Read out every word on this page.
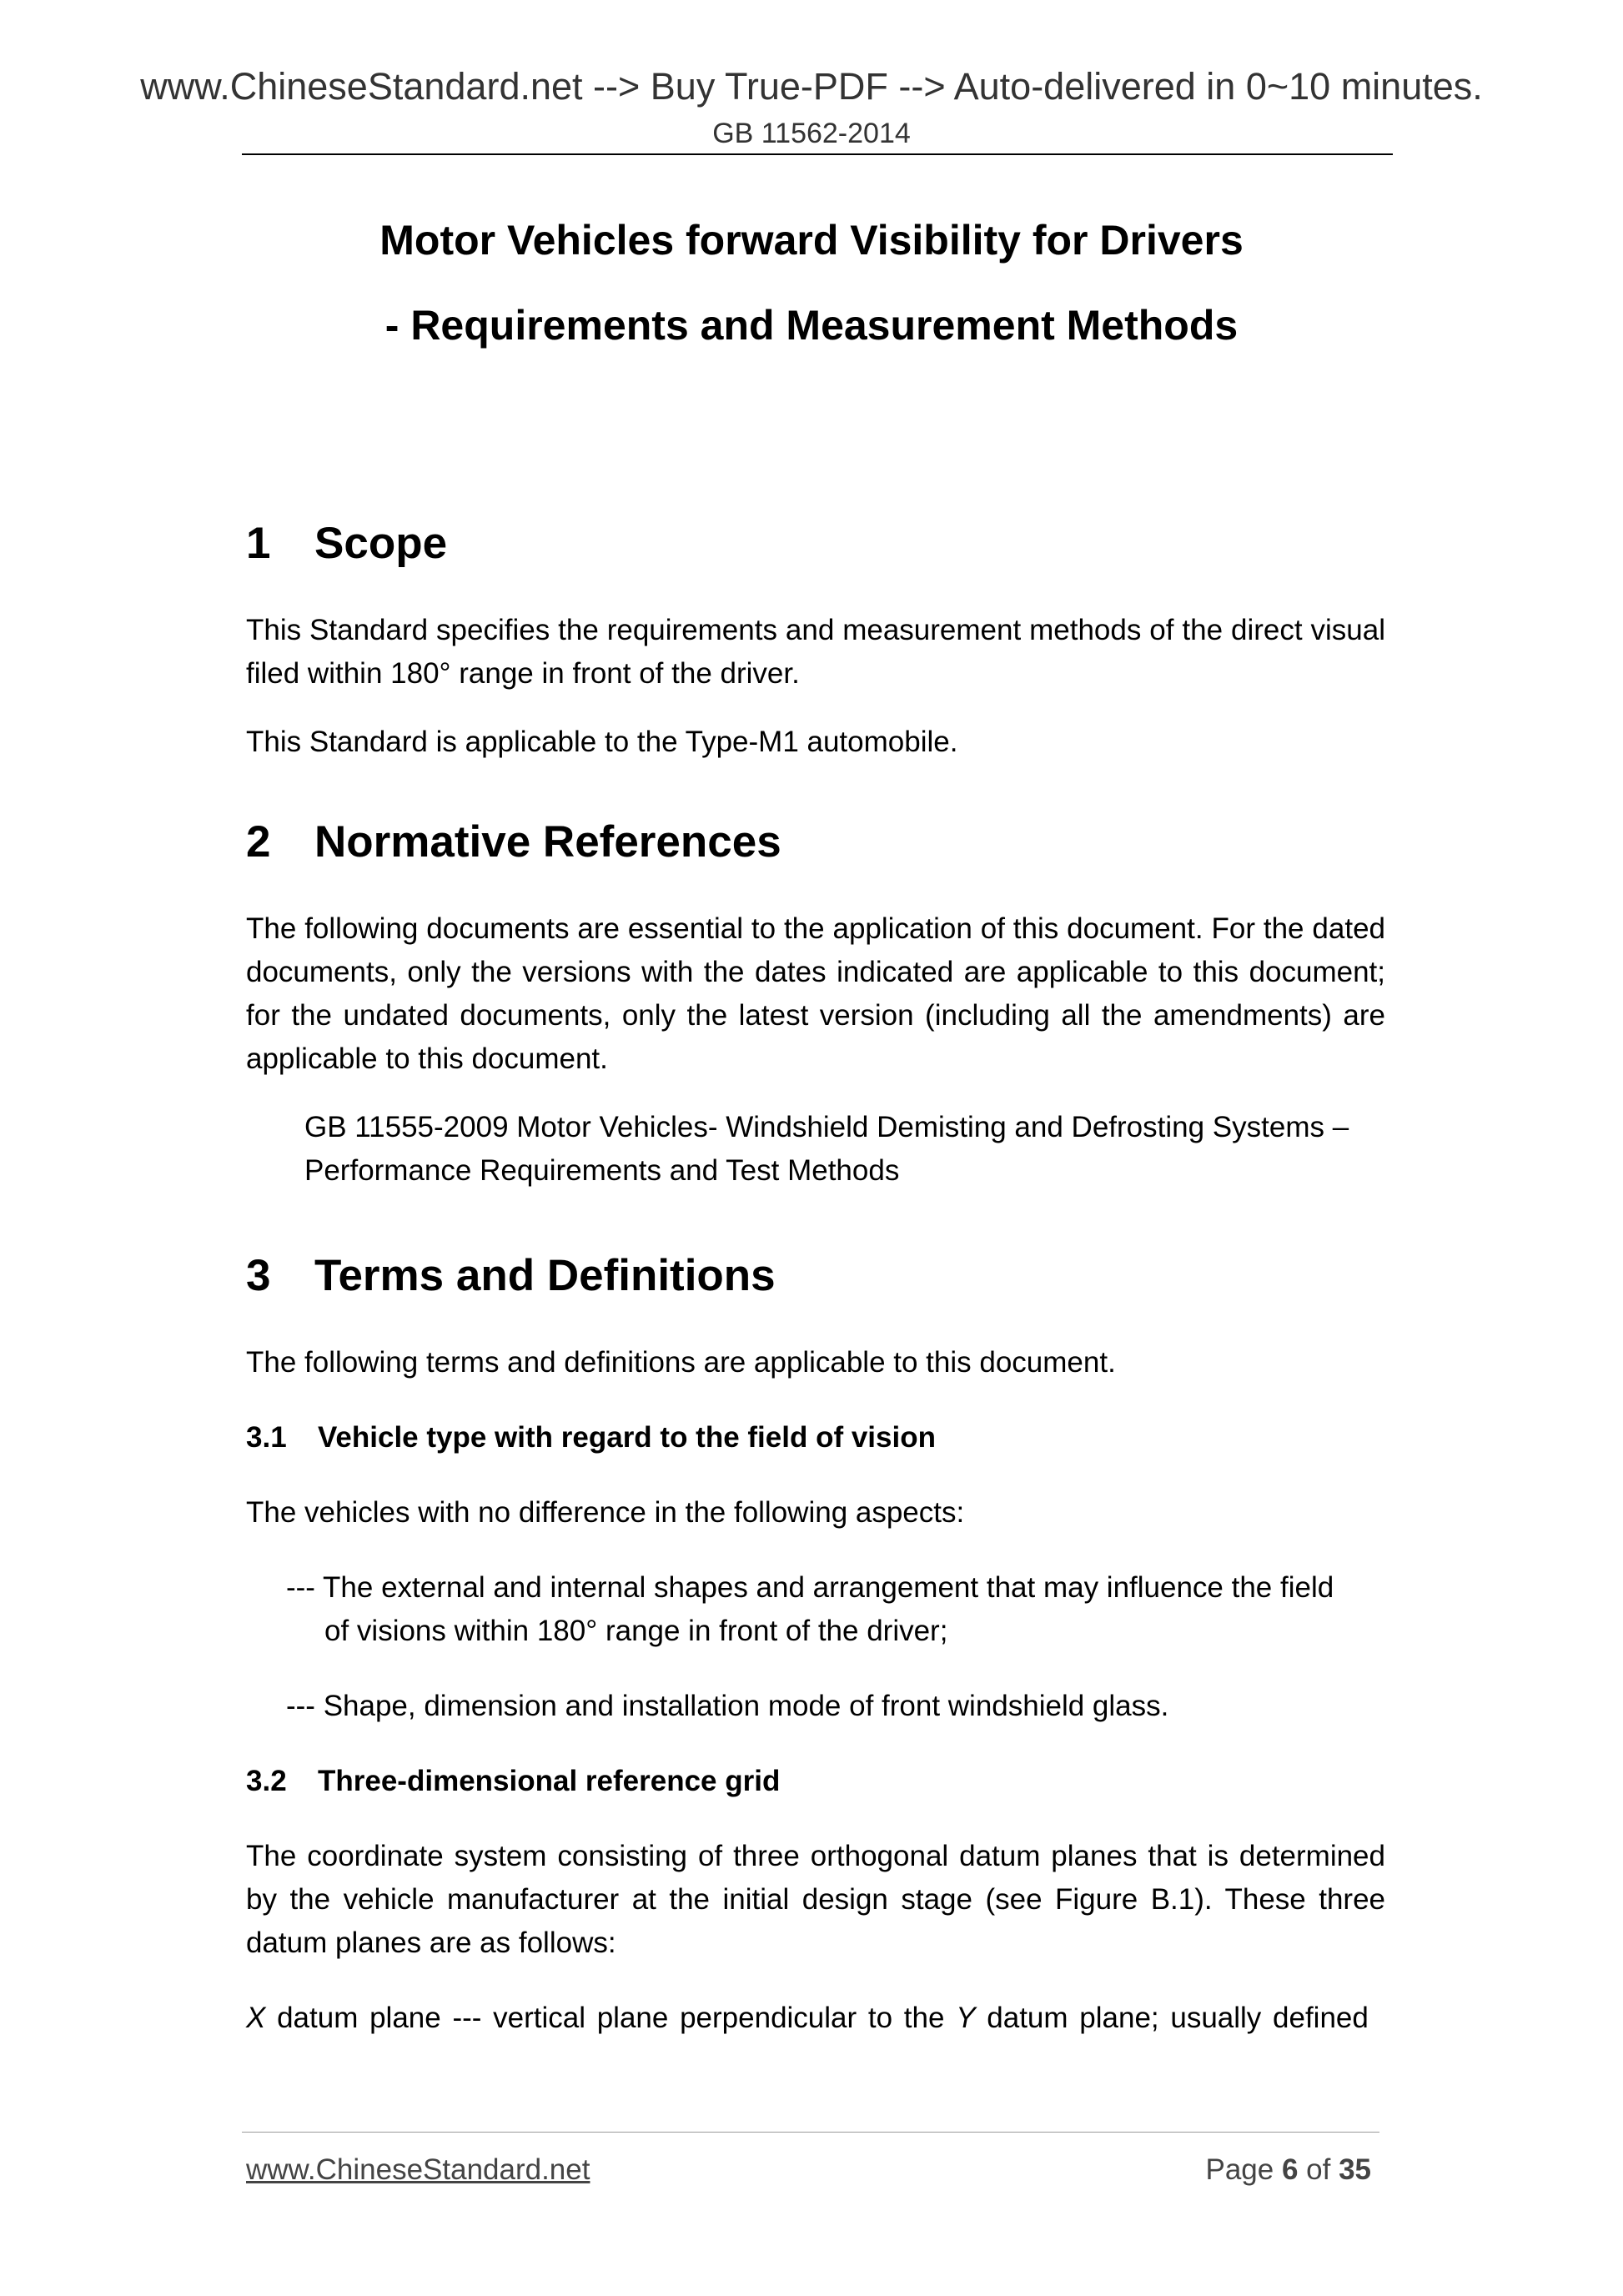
www.ChineseStandard.net --> Buy True-PDF --> Auto-delivered in 0~10 minutes.
GB 11562-2014
Motor Vehicles forward Visibility for Drivers
- Requirements and Measurement Methods
1 Scope

This Standard specifies the requirements and measurement methods of the direct visual filed within 180° range in front of the driver.

This Standard is applicable to the Type-M1 automobile.

2 Normative References

The following documents are essential to the application of this document. For the dated documents, only the versions with the dates indicated are applicable to this document; for the undated documents, only the latest version (including all the amendments) are applicable to this document.

GB 11555-2009 Motor Vehicles- Windshield Demisting and Defrosting Systems –
Performance Requirements and Test Methods
3 Terms and Definitions

The following terms and definitions are applicable to this document.

3.1	Vehicle type with regard to the field of vision

The vehicles with no difference in the following aspects:

--- The external and internal shapes and arrangement that may influence the field
of visions within 180° range in front of the driver;
--- Shape, dimension and installation mode of front windshield glass.
3.2	Three-dimensional reference grid

The coordinate system consisting of three orthogonal datum planes that is determined by the vehicle manufacturer at the initial design stage (see Figure B.1). These three datum planes are as follows:

X datum plane --- vertical plane perpendicular to the Y datum plane; usually defined

www.ChineseStandard.net	Page 6 of 35
